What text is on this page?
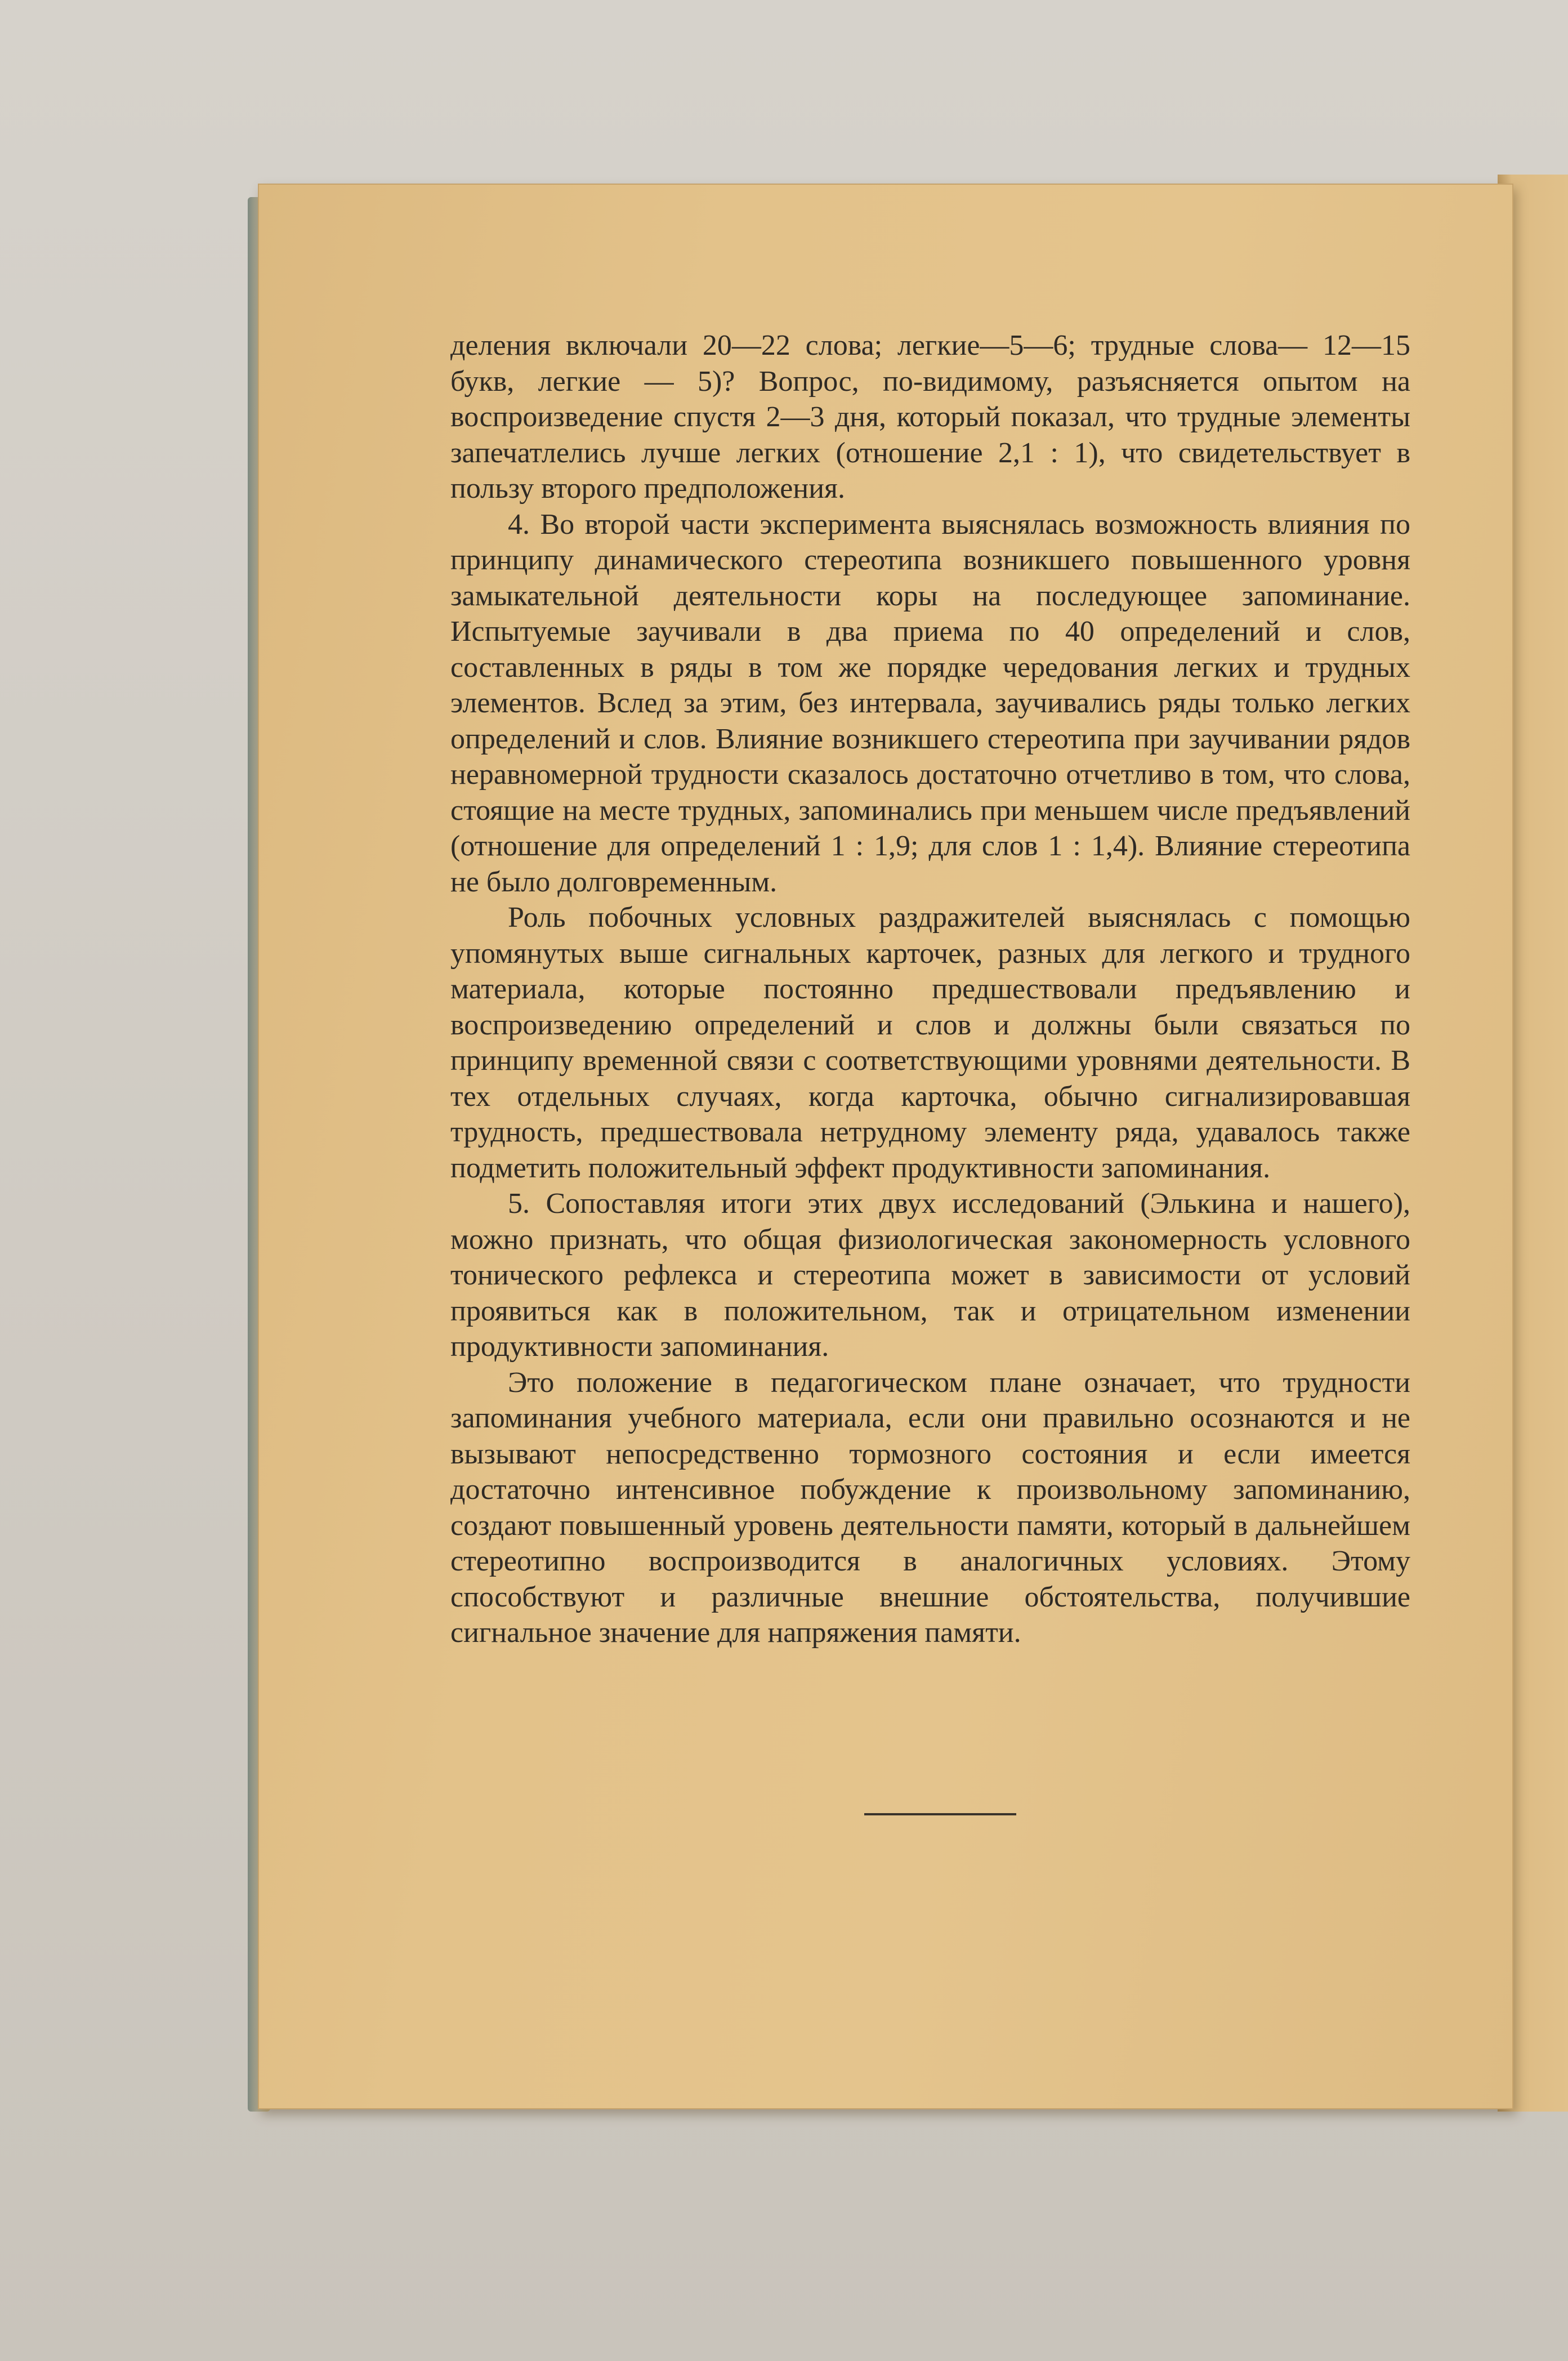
деления включали 20—22 слова; легкие—5—6; трудные слова— 12—15 букв, легкие — 5)? Вопрос, по-видимому, разъясняется опытом на воспроизведение спустя 2—3 дня, который показал, что трудные элементы запечатлелись лучше легких (отношение 2,1 : 1), что свидетельствует в пользу второго предположения.

4. Во второй части эксперимента выяснялась возможность влияния по принципу динамического стереотипа возникшего повышенного уровня замыкательной деятельности коры на последующее запоминание. Испытуемые заучивали в два приема по 40 определений и слов, составленных в ряды в том же порядке чередования легких и трудных элементов. Вслед за этим, без интервала, заучивались ряды только легких определений и слов. Влияние возникшего стереотипа при заучивании рядов неравномерной трудности сказалось достаточно отчетливо в том, что слова, стоящие на месте трудных, запоминались при меньшем числе предъявлений (отношение для определений 1 : 1,9; для слов 1 : 1,4). Влияние стереотипа не было долговременным.

Роль побочных условных раздражителей выяснялась с помощью упомянутых выше сигнальных карточек, разных для легкого и трудного материала, которые постоянно предшествовали предъявлению и воспроизведению определений и слов и должны были связаться по принципу временной связи с соответствующими уровнями деятельности. В тех отдельных случаях, когда карточка, обычно сигнализировавшая трудность, предшествовала нетрудному элементу ряда, удавалось также подметить положительный эффект продуктивности запоминания.

5. Сопоставляя итоги этих двух исследований (Элькина и нашего), можно признать, что общая физиологическая закономерность условного тонического рефлекса и стереотипа может в зависимости от условий проявиться как в положительном, так и отрицательном изменении продуктивности запоминания.

Это положение в педагогическом плане означает, что трудности запоминания учебного материала, если они правильно осознаются и не вызывают непосредственно тормозного состояния и если имеется достаточно интенсивное побуждение к произвольному запоминанию, создают повышенный уровень деятельности памяти, который в дальнейшем стереотипно воспроизводится в аналогичных условиях. Этому способствуют и различные внешние обстоятельства, получившие сигнальное значение для напряжения памяти.
